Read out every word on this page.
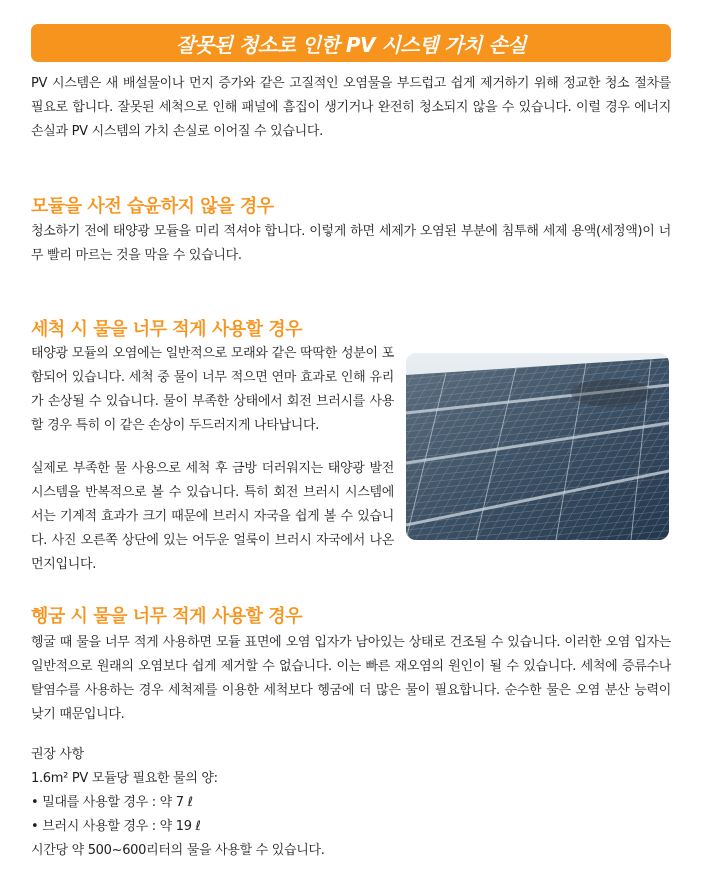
잘못된 청소로 인한 PV 시스템 가치 손실

PV 시스템은 새 배설물이나 먼지 증가와 같은 고질적인 오염물을 부드럽고 쉽게 제거하기 위해 정교한 청소 절차를 필요로 합니다. 잘못된 세척으로 인해 패널에 흠집이 생기거나 완전히 청소되지 않을 수 있습니다. 이럴 경우 에너지 손실과 PV 시스템의 가치 손실로 이어질 수 있습니다.

모듈을 사전 습윤하지 않을 경우

청소하기 전에 태양광 모듈을 미리 적셔야 합니다. 이렇게 하면 세제가 오염된 부분에 침투해 세제 용액(세정액)이 너무 빨리 마르는 것을 막을 수 있습니다.

세척 시 물을 너무 적게 사용할 경우

태양광 모듈의 오염에는 일반적으로 모래와 같은 딱딱한 성분이 포함되어 있습니다. 세척 중 물이 너무 적으면 연마 효과로 인해 유리가 손상될 수 있습니다. 물이 부족한 상태에서 회전 브러시를 사용할 경우 특히 이 같은 손상이 두드러지게 나타납니다.

실제로 부족한 물 사용으로 세척 후 금방 더러워지는 태양광 발전 시스템을 반복적으로 볼 수 있습니다. 특히 회전 브러시 시스템에서는 기계적 효과가 크기 때문에 브러시 자국을 쉽게 볼 수 있습니다. 사진 오른쪽 상단에 있는 어두운 얼룩이 브러시 자국에서 나온 먼지입니다.

헹굼 시 물을 너무 적게 사용할 경우

헹굴 때 물을 너무 적게 사용하면 모듈 표면에 오염 입자가 남아있는 상태로 건조될 수 있습니다. 이러한 오염 입자는 일반적으로 원래의 오염보다 쉽게 제거할 수 없습니다. 이는 빠른 재오염의 원인이 될 수 있습니다. 세척에 증류수나 탈염수를 사용하는 경우 세척제를 이용한 세척보다 헹굼에 더 많은 물이 필요합니다. 순수한 물은 오염 분산 능력이 낮기 때문입니다.

권장 사항

1.6m² PV 모듈당 필요한 물의 양:

• 밀대를 사용할 경우 : 약 7 ℓ

• 브러시 사용할 경우 : 약 19 ℓ

시간당 약 500~600리터의 물을 사용할 수 있습니다.
